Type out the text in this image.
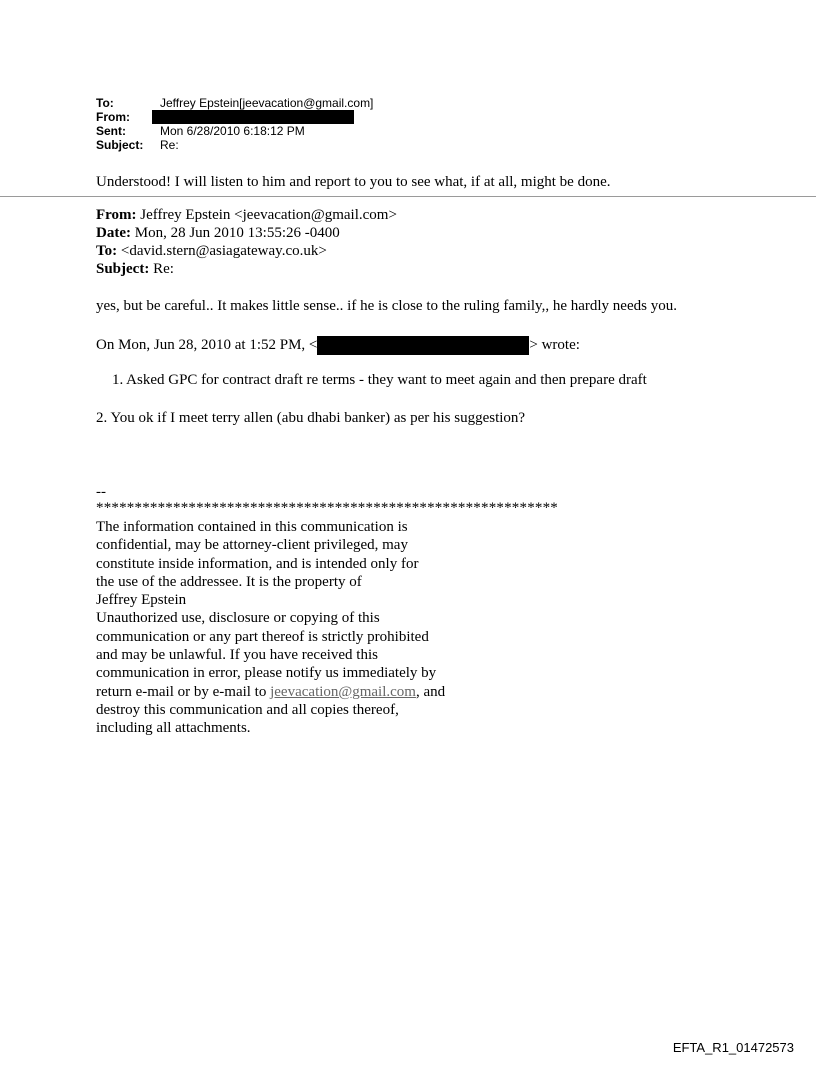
To:	Jeffrey Epstein[jeevacation@gmail.com]
From:
Sent:	Mon 6/28/2010 6:18:12 PM
Subject:	Re:
Understood! I will listen to him and report to you to see what, if at all, might be done.
From: Jeffrey Epstein <jeevacation@gmail.com>
Date: Mon, 28 Jun 2010 13:55:26 -0400
To: <david.stern@asiagateway.co.uk>
Subject: Re:
yes, but be careful.. It makes little sense.. if he is close to the ruling family,, he hardly needs you.
On Mon, Jun 28, 2010 at 1:52 PM, <	> wrote:
1. Asked GPC for contract draft re terms - they want to meet again and then prepare draft
2. You ok if I meet terry allen (abu dhabi banker) as per his suggestion?
--
************************************************************
The information contained in this communication is
confidential, may be attorney-client privileged, may
constitute inside information, and is intended only for
the use of the addressee. It is the property of
Jeffrey Epstein
Unauthorized use, disclosure or copying of this
communication or any part thereof is strictly prohibited
and may be unlawful. If you have received this
communication in error, please notify us immediately by
return e-mail or by e-mail to jeevacation@gmail.com, and
destroy this communication and all copies thereof,
including all attachments.
EFTA_R1_01472573
